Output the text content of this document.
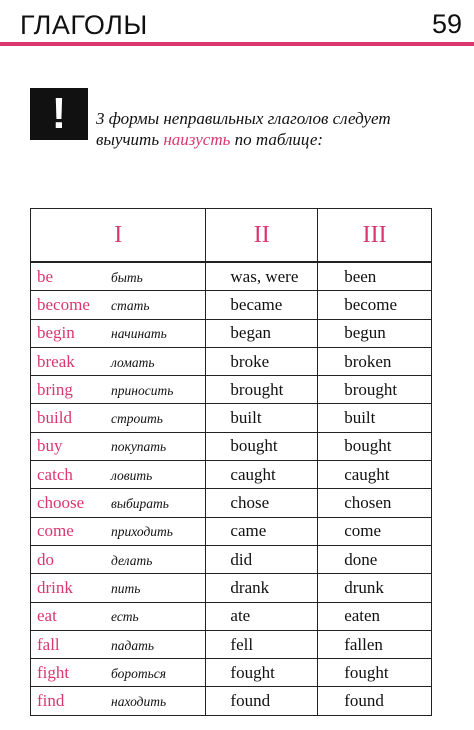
ГЛАГОЛЫ	59
!	3 формы неправильных глаголов следует выучить наизусть по таблице:
I	II	III
be быть	was, were	been
become стать	became	become
begin начинать	began	begun
break ломать	broke	broken
bring приносить	brought	brought
build строить	built	built
buy покупать	bought	bought
catch ловить	caught	caught
choose выбирать	chose	chosen
come приходить	came	come
do делать	did	done
drink пить	drank	drunk
eat есть	ate	eaten
fall падать	fell	fallen
fight бороться	fought	fought
find находить	found	found
